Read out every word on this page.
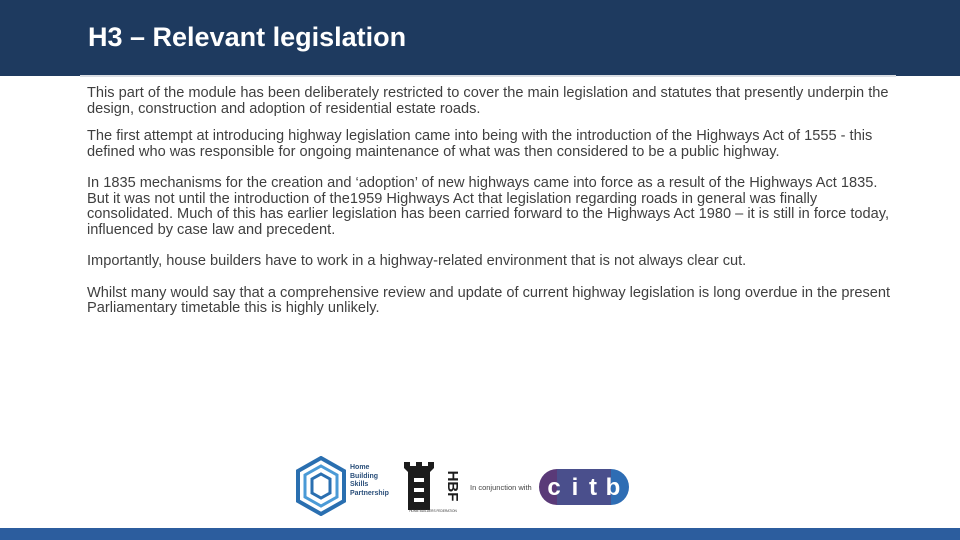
H3 – Relevant legislation

This part of the module has been deliberately restricted to cover the main legislation and statutes that presently underpin the design, construction and adoption of residential estate roads.

The first attempt at introducing highway legislation came into being with the introduction of the Highways Act of 1555 - this defined who was responsible for ongoing maintenance of what was then considered to be a public highway.

In 1835 mechanisms for the creation and ‘adoption’ of new highways came into force as a result of the Highways Act 1835. But it was not until the introduction of the1959 Highways Act that legislation regarding roads in general was finally consolidated. Much of this has earlier legislation has been carried forward to the Highways Act 1980 – it is still in force today, influenced by case law and precedent.

Importantly, house builders have to work in a highway-related environment that is not always clear cut.

Whilst many would say that a comprehensive review and update of current highway legislation is long overdue in the present Parliamentary timetable this is highly unlikely.

Home
Building
Skills
Partnership	HBF
HOME BUILDERS FEDERATION
In conjunction with c i t b
